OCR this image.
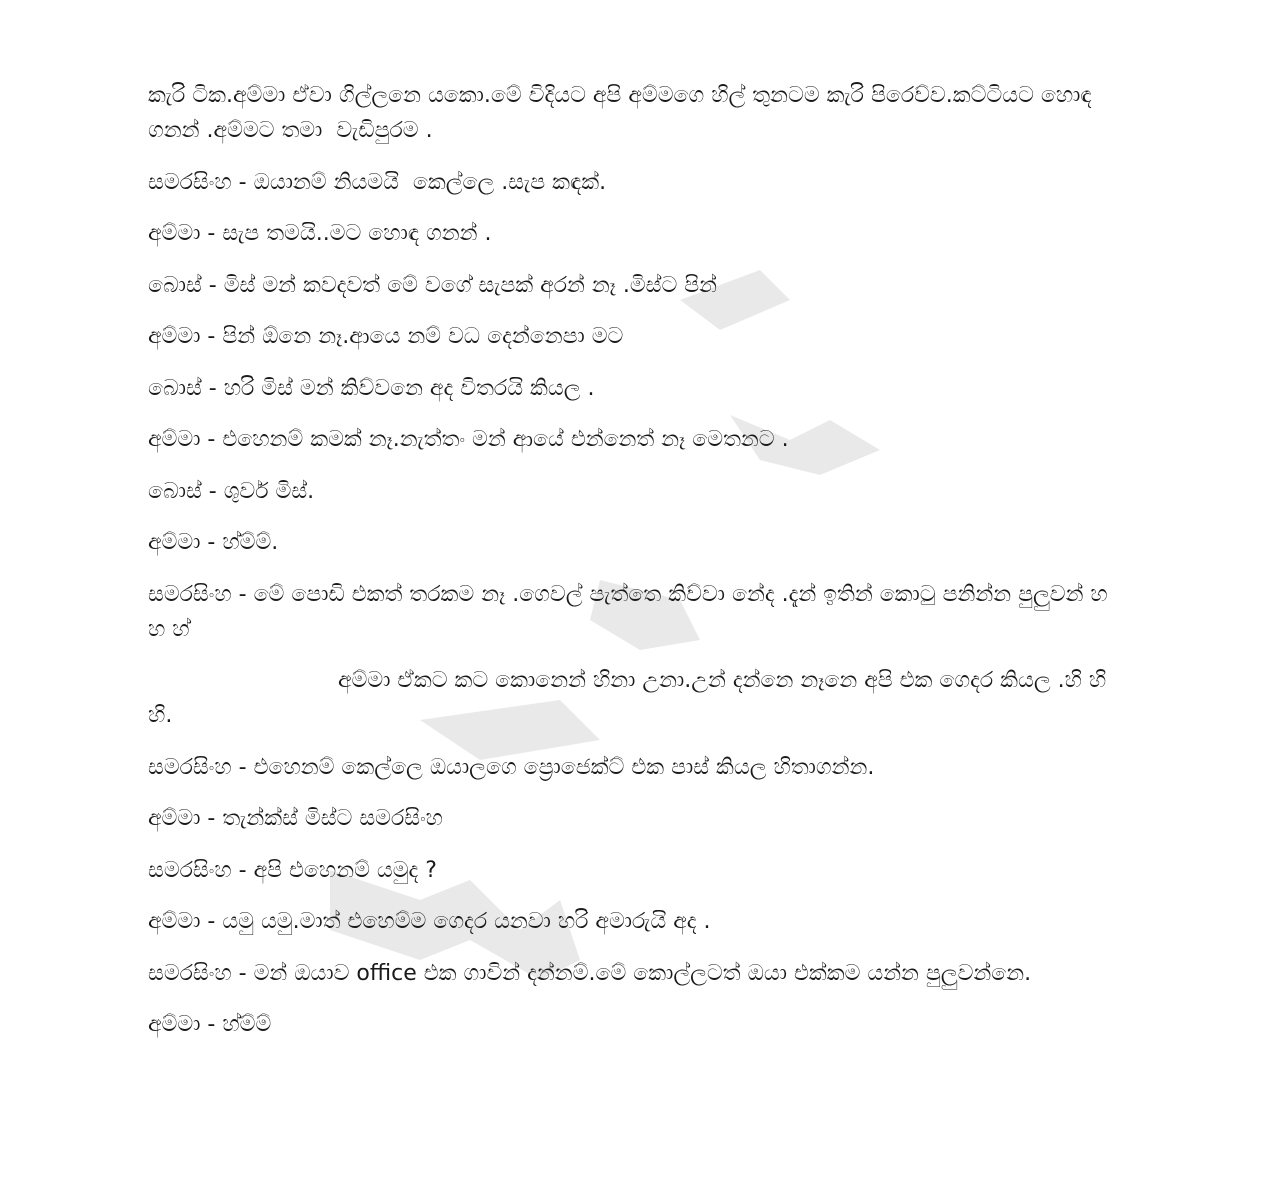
කැරි ටික.අම්මා ඒවා ගිල්ලනෙ යකො.මේ විදියට අපි අම්මගෙ හිල් තුනටම කැරි පිරෙව්ව.කට්ටියට හොඳ ගනන් .අම්මට තමා  වැඩිපුරම .

සමරසිංහ - ඔයානම් නියමයි  කෙල්ලෙ .සැප කඳක්.

අම්මා - සැප තමයි..මට හොඳ ගනන් .

බොස් - මිස් මන් කවදවත් මේ වගේ සැපක් අරන් නෑ .මිස්ට පින්

අම්මා - පින් ඕනෙ නෑ.ආයෙ නම් වධ දෙන්නෙපා මට

බොස් - හරි මිස් මන් කිව්වනෙ අද විතරයි කියල .

අම්මා - එහෙනම් කමක් නෑ.නැත්තං මන් ආයේ එන්නෙත් නෑ මෙතනට .

බොස් - ශුවර් මිස්.

අම්මා - හ්ම්ම්.

සමරසිංහ - මේ පොඩි එකත් තරකම නෑ .ගෙවල් පැත්තෙ කිව්වා නේද .දැන් ඉතින් කොටු පනින්න පුලුවන් හ හ හ්

අම්මා ඒකට කට කොනෙන් හිනා උනා.උන් දන්නෙ නෑනෙ අපි එක ගෙදර කියල .හි හි හි.

සමරසිංහ - එහෙනම් කෙල්ලෙ ඔයාලගෙ ප්‍රොජෙක්ට් එක පාස් කියල හිතාගන්න.

අම්මා - තැන්ක්ස් මිස්ට සමරසිංහ

සමරසිංහ - අපි එහෙනම් යමුද ?

අම්මා - යමු යමු.මාත් එහෙම්ම ගෙදර යනවා හරි අමාරුයි අද .

සමරසිංහ - මන් ඔයාව office එක ගාවින් දන්නම්.මේ කොල්ලටත් ඔයා එක්කම යන්න පුලුවන්නෙ.

අම්මා - හ්ම්ම්
